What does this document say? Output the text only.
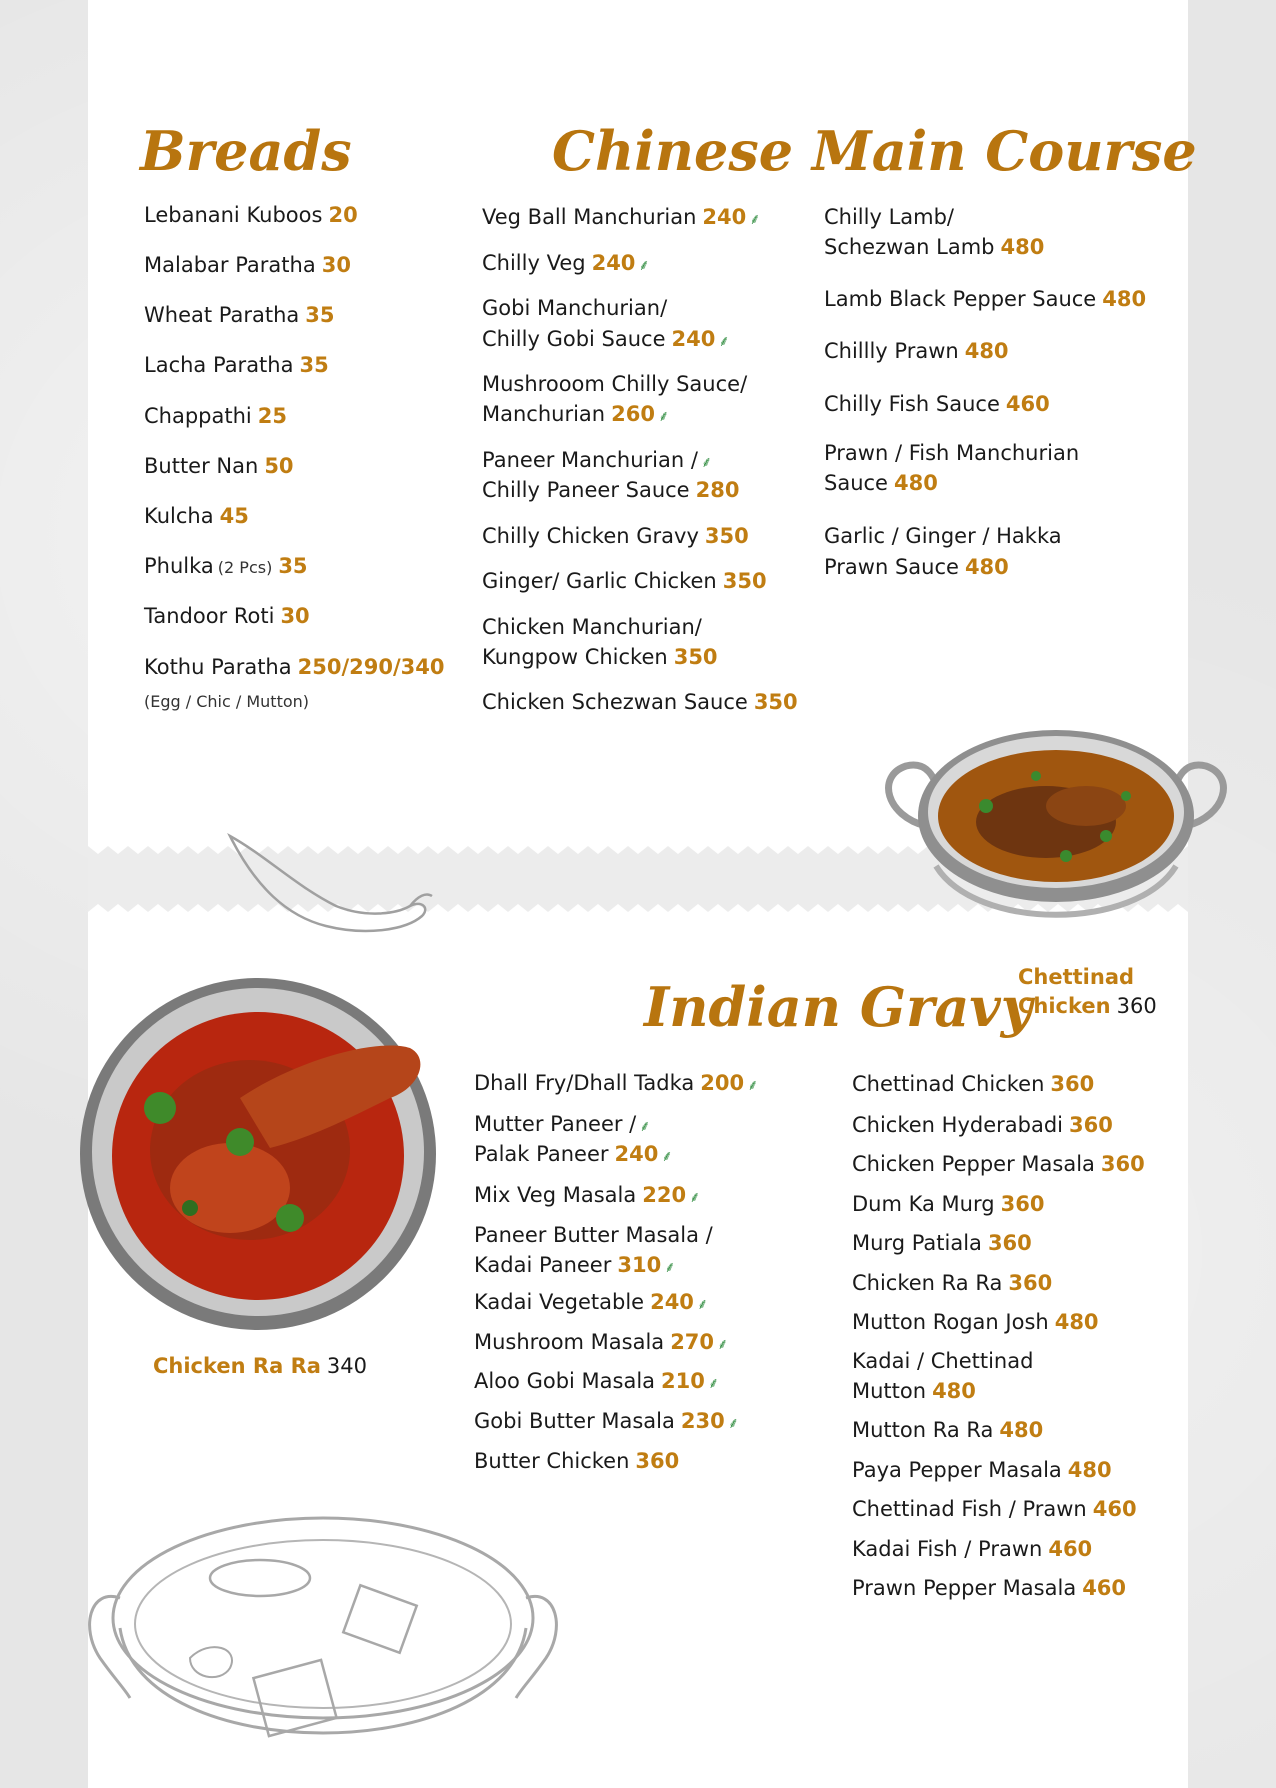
Breads	Chinese Main Course
Indian Gravy
Lebanani Kuboos 20
Malabar Paratha 30
Wheat Paratha 35
Lacha Paratha 35
Chappathi 25
Butter Nan 50
Kulcha 45
Phulka (2 Pcs) 35
Tandoor Roti 30
Kothu Paratha 250/290/340
(Egg / Chic / Mutton)
Veg Ball Manchurian 240 ⸙
Chilly Veg 240 ⸙
Gobi Manchurian/
Chilly Gobi Sauce 240 ⸙
Mushrooom Chilly Sauce/
Manchurian 260 ⸙
Paneer Manchurian / ⸙
Chilly Paneer Sauce 280
Chilly Chicken Gravy 350
Ginger/ Garlic Chicken 350
Chicken Manchurian/
Kungpow Chicken 350
Chicken Schezwan Sauce 350
Chilly Lamb/
Schezwan Lamb 480
Lamb Black Pepper Sauce 480
Chillly Prawn 480
Chilly Fish Sauce 460
Prawn / Fish Manchurian
Sauce 480
Garlic / Ginger / Hakka
Prawn Sauce 480
Dhall Fry/Dhall Tadka 200 ⸙
Mutter Paneer / ⸙
Palak Paneer 240 ⸙
Mix Veg Masala 220 ⸙
Paneer Butter Masala /
Kadai Paneer 310 ⸙
Kadai Vegetable 240 ⸙
Mushroom Masala 270 ⸙
Aloo Gobi Masala 210 ⸙
Gobi Butter Masala 230 ⸙
Butter Chicken 360
Chettinad Chicken 360
Chicken Hyderabadi 360
Chicken Pepper Masala 360
Dum Ka Murg 360
Murg Patiala 360
Chicken Ra Ra 360
Mutton Rogan Josh 480
Kadai / Chettinad
Mutton 480
Mutton Ra Ra 480
Paya Pepper Masala 480
Chettinad Fish / Prawn 460
Kadai Fish / Prawn 460
Prawn Pepper Masala 460
Chettinad
Chicken 360
Chicken Ra Ra 340
